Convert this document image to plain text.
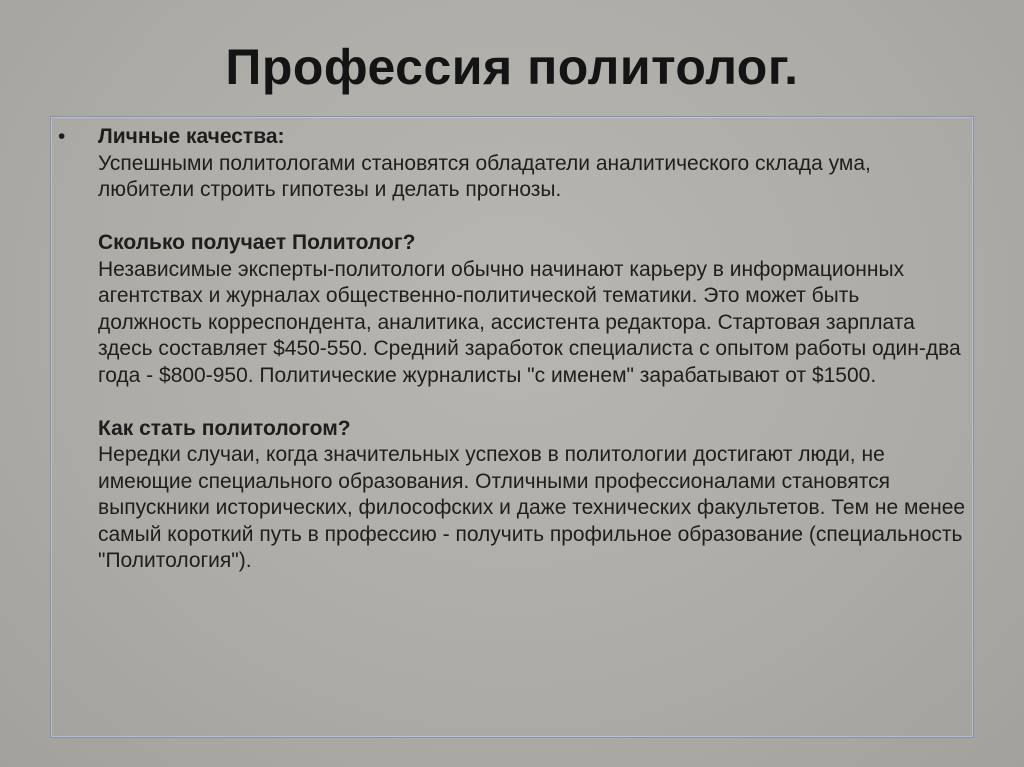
Профессия политолог.
• Личные качества:

Успешными политологами становятся обладатели аналитического склада ума, любители строить гипотезы и делать прогнозы.

Сколько получает Политолог?

Независимые эксперты-политологи обычно начинают карьеру в информационных агентствах и журналах общественно-политической тематики. Это может быть должность корреспондента, аналитика, ассистента редактора. Стартовая зарплата здесь составляет $450-550. Средний заработок специалиста с опытом работы один-два года - $800-950. Политические журналисты "с именем" зарабатывают от $1500.

Как стать политологом?

Нередки случаи, когда значительных успехов в политологии достигают люди, не имеющие специального образования. Отличными профессионалами становятся выпускники исторических, философских и даже технических факультетов. Тем не менее самый короткий путь в профессию - получить профильное образование (специальность "Политология").
